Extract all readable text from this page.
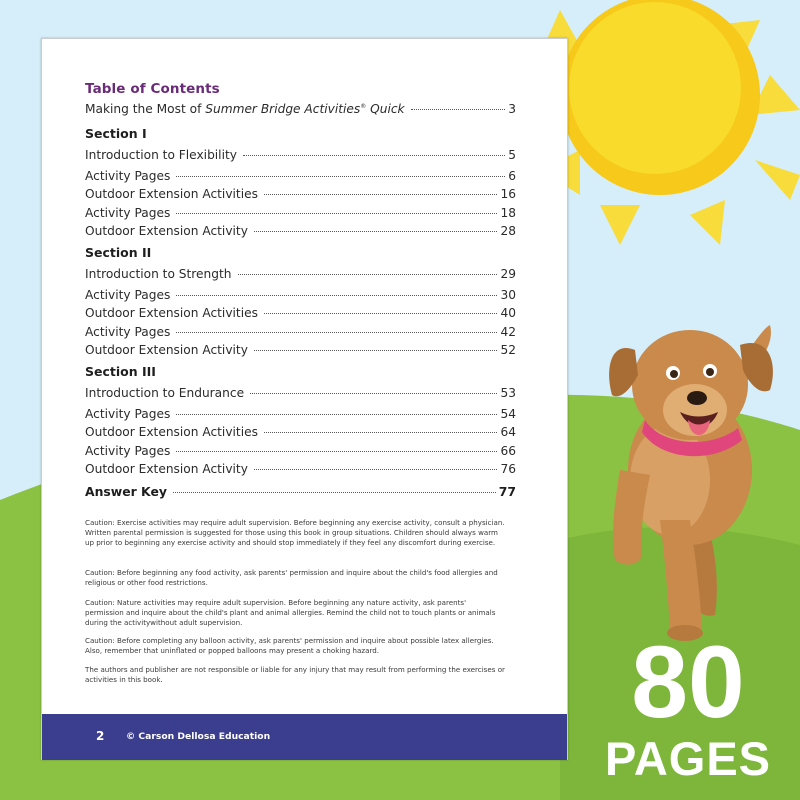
Table of Contents
Making the Most of Summer Bridge Activities® Quick	3
Section I
Introduction to Flexibility	5
Activity Pages	6
Outdoor Extension Activities	16
Activity Pages	18
Outdoor Extension Activity	28
Section II
Introduction to Strength	29
Activity Pages	30
Outdoor Extension Activities	40
Activity Pages	42
Outdoor Extension Activity	52
Section III
Introduction to Endurance	53
Activity Pages	54
Outdoor Extension Activities	64
Activity Pages	66
Outdoor Extension Activity	76
Answer Key	77

Caution: Exercise activities may require adult supervision. Before beginning any exercise activity, consult a physician. Written parental permission is suggested for those using this book in group situations. Children should always warm up prior to beginning any exercise activity and should stop immediately if they feel any discomfort during exercise.

Caution: Before beginning any food activity, ask parents' permission and inquire about the child's food allergies and religious or other food restrictions.

Caution: Nature activities may require adult supervision. Before beginning any nature activity, ask parents' permission and inquire about the child's plant and animal allergies. Remind the child not to touch plants or animals during the activitywithout adult supervision.

Caution: Before completing any balloon activity, ask parents' permission and inquire about possible latex allergies. Also, remember that uninflated or popped balloons may present a choking hazard.

The authors and publisher are not responsible or liable for any injury that may result from performing the exercises or activities in this book.

2 © Carson Dellosa Education	80
PAGES
